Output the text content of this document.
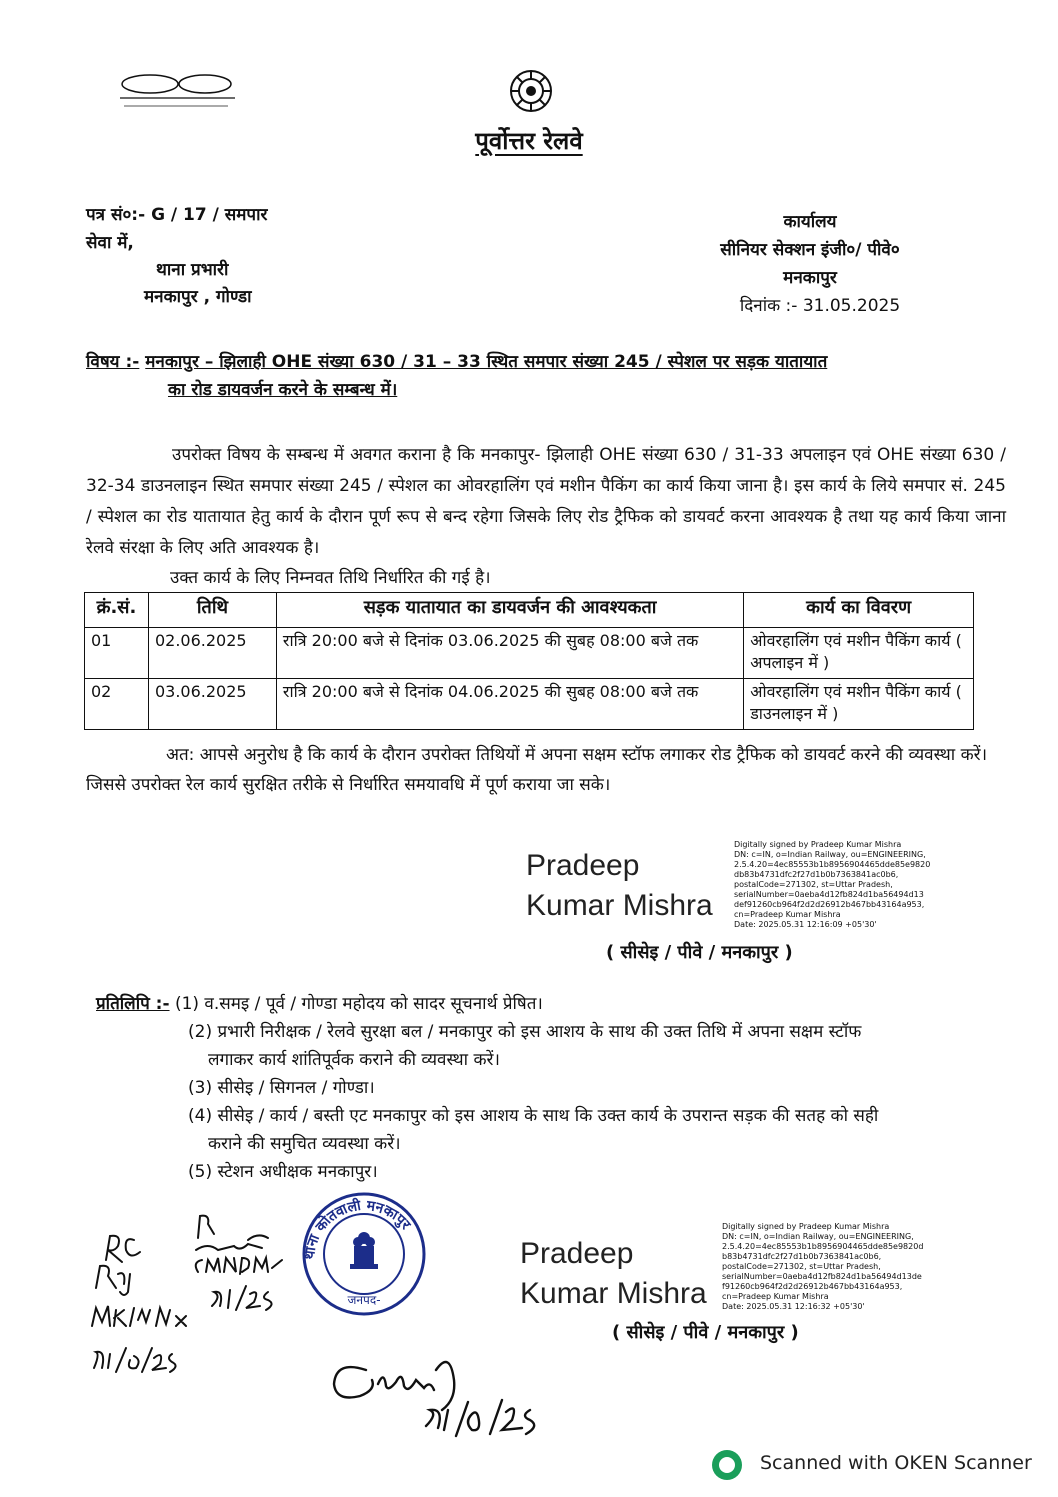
पूर्वोत्तर रेलवे
पत्र सं०:- G / 17 / समपार
सेवा में,
थाना प्रभारी
मनकापुर , गोण्डा
कार्यालय
सीनियर सेक्शन इंजी०/ पीवे०
मनकापुर
दिनांक :- 31.05.2025
विषय :- मनकापुर – झिलाही OHE संख्या 630 / 31 – 33 स्थित समपार संख्या 245 / स्पेशल पर सड़क यातायात
का रोड डायवर्जन करने के सम्बन्ध में।
उपरोक्त विषय के सम्बन्ध में अवगत कराना है कि मनकापुर- झिलाही OHE संख्या 630 / 31-33 अपलाइन एवं OHE संख्या 630 / 32-34 डाउनलाइन स्थित समपार संख्या 245 / स्पेशल का ओवरहालिंग एवं मशीन पैकिंग का कार्य किया जाना है। इस कार्य के लिये समपार सं. 245 / स्पेशल का रोड यातायात हेतु कार्य के दौरान पूर्ण रूप से बन्द रहेगा जिसके लिए रोड ट्रैफिक को डायवर्ट करना आवश्यक है तथा यह कार्य किया जाना रेलवे संरक्षा के लिए अति आवश्यक है।
उक्त कार्य के लिए निम्नवत तिथि निर्धारित की गई है।
क्रं.सं.	तिथि	सड़क यातायात का डायवर्जन की आवश्यकता	कार्य का विवरण
01	02.06.2025	रात्रि 20:00 बजे से दिनांक 03.06.2025 की सुबह 08:00 बजे तक	ओवरहालिंग एवं मशीन पैकिंग कार्य ( अपलाइन में )
02	03.06.2025	रात्रि 20:00 बजे से दिनांक 04.06.2025 की सुबह 08:00 बजे तक	ओवरहालिंग एवं मशीन पैकिंग कार्य ( डाउनलाइन में )
अत: आपसे अनुरोध है कि कार्य के दौरान उपरोक्त तिथियों में अपना सक्षम स्टॉफ लगाकर रोड ट्रैफिक को डायवर्ट करने की व्यवस्था करें। जिससे उपरोक्त रेल कार्य सुरक्षित तरीके से निर्धारित समयावधि में पूर्ण कराया जा सके।
Pradeep
Kumar Mishra
Digitally signed by Pradeep Kumar Mishra
DN: c=IN, o=Indian Railway, ou=ENGINEERING,
2.5.4.20=4ec85553b1b8956904465dde85e9820
db83b4731dfc2f27d1b0b7363841ac0b6,
postalCode=271302, st=Uttar Pradesh,
serialNumber=0aeba4d12fb824d1ba56494d13
def91260cb964f2d2d26912b467bb43164a953,
cn=Pradeep Kumar Mishra
Date: 2025.05.31 12:16:09 +05'30'
( सीसेइ / पीवे / मनकापुर )
प्रतिलिपि :- (1) व.समइ / पूर्व / गोण्डा महोदय को सादर सूचनार्थ प्रेषित।
(2) प्रभारी निरीक्षक / रेलवे सुरक्षा बल / मनकापुर को इस आशय के साथ की उक्त तिथि में अपना सक्षम स्टॉफ
लगाकर कार्य शांतिपूर्वक कराने की व्यवस्था करें।
(3) सीसेइ / सिगनल / गोण्डा।
(4) सीसेइ / कार्य / बस्ती एट मनकापुर को इस आशय के साथ कि उक्त कार्य के उपरान्त सड़क की सतह को सही
कराने की समुचित व्यवस्था करें।
(5) स्टेशन अधीक्षक मनकापुर।
थाना कोतवाली मनकापुर
जनपद-
Pradeep
Kumar Mishra
Digitally signed by Pradeep Kumar Mishra
DN: c=IN, o=Indian Railway, ou=ENGINEERING,
2.5.4.20=4ec85553b1b8956904465dde85e9820d
b83b4731dfc2f27d1b0b7363841ac0b6,
postalCode=271302, st=Uttar Pradesh,
serialNumber=0aeba4d12fb824d1ba56494d13de
f91260cb964f2d2d26912b467bb43164a953,
cn=Pradeep Kumar Mishra
Date: 2025.05.31 12:16:32 +05'30'
( सीसेइ / पीवे / मनकापुर )
Scanned with OKEN Scanner
